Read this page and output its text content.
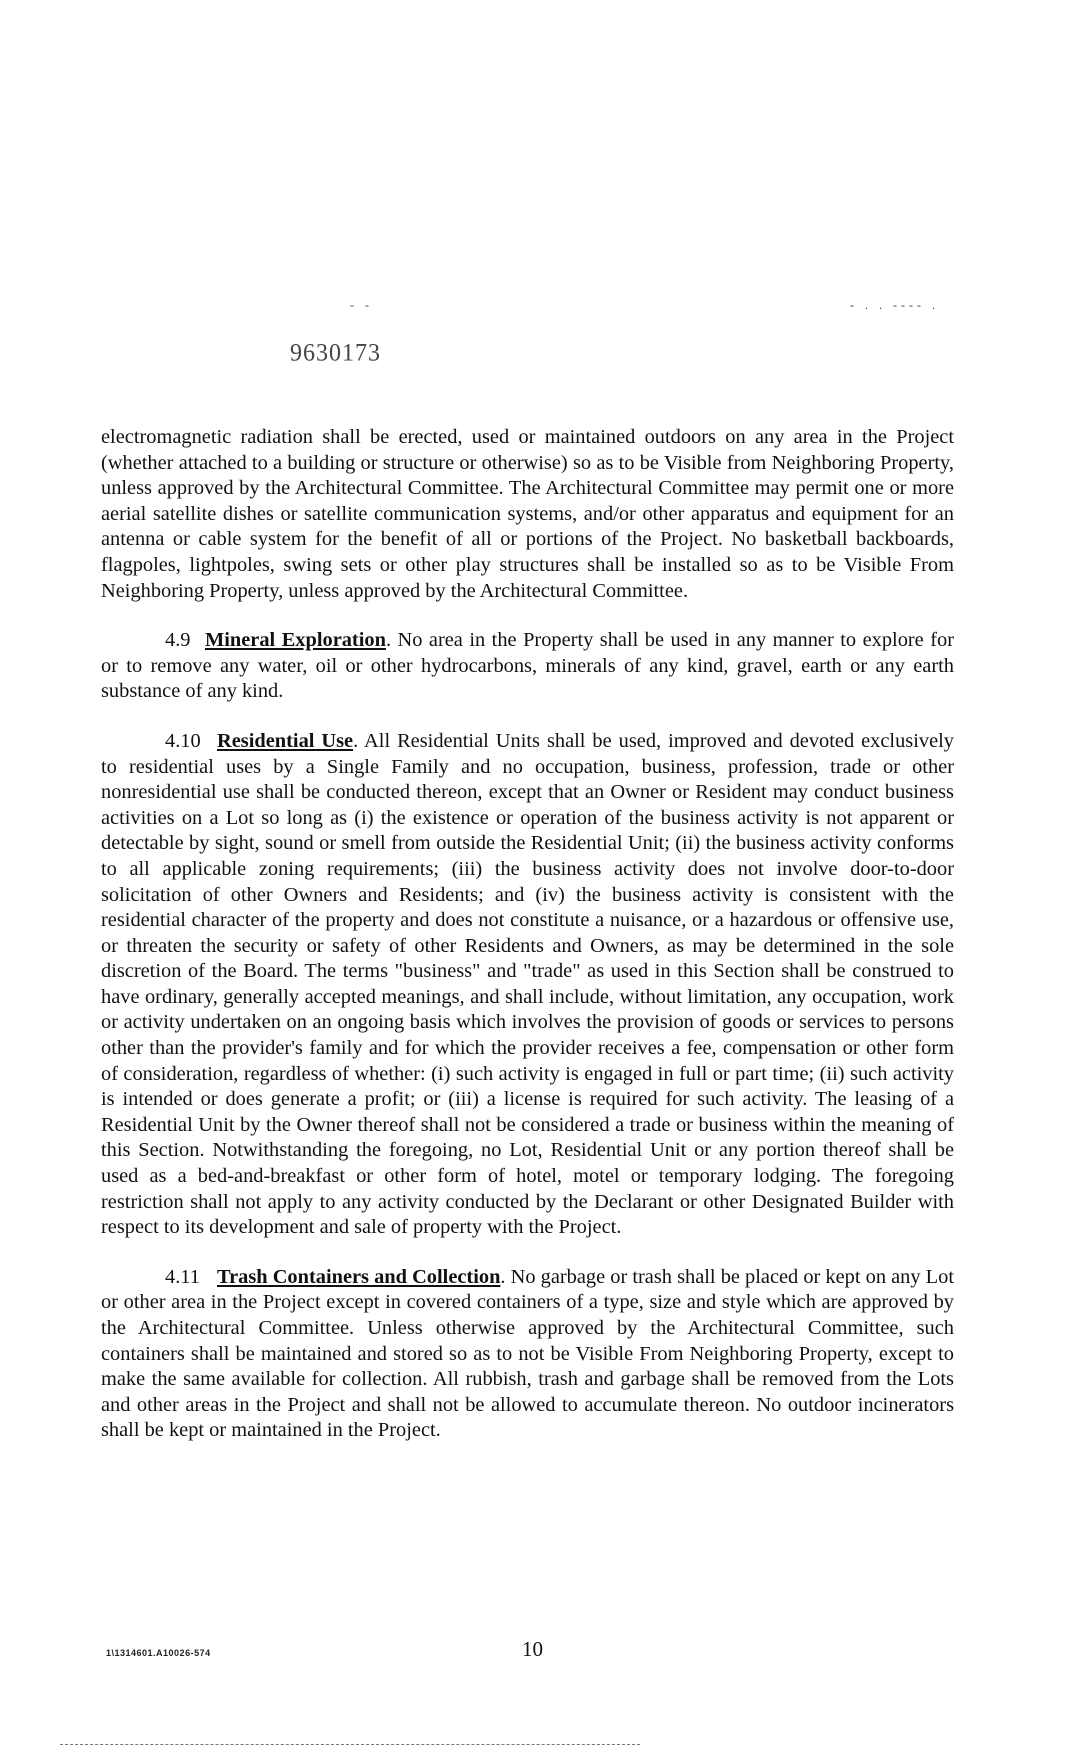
- -	- . . ---- .
9630173

electromagnetic radiation shall be erected, used or maintained outdoors on any area in the Project (whether attached to a building or structure or otherwise) so as to be Visible from Neighboring Property, unless approved by the Architectural Committee. The Architectural Committee may permit one or more aerial satellite dishes or satellite communication systems, and/or other apparatus and equipment for an antenna or cable system for the benefit of all or portions of the Project. No basketball backboards, flagpoles, lightpoles, swing sets or other play structures shall be installed so as to be Visible From Neighboring Property, unless approved by the Architectural Committee.

4.9 Mineral Exploration. No area in the Property shall be used in any manner to explore for or to remove any water, oil or other hydrocarbons, minerals of any kind, gravel, earth or any earth substance of any kind.

4.10 Residential Use. All Residential Units shall be used, improved and devoted exclusively to residential uses by a Single Family and no occupation, business, profession, trade or other nonresidential use shall be conducted thereon, except that an Owner or Resident may conduct business activities on a Lot so long as (i) the existence or operation of the business activity is not apparent or detectable by sight, sound or smell from outside the Residential Unit; (ii) the business activity conforms to all applicable zoning requirements; (iii) the business activity does not involve door-to-door solicitation of other Owners and Residents; and (iv) the business activity is consistent with the residential character of the property and does not constitute a nuisance, or a hazardous or offensive use, or threaten the security or safety of other Residents and Owners, as may be determined in the sole discretion of the Board. The terms "business" and "trade" as used in this Section shall be construed to have ordinary, generally accepted meanings, and shall include, without limitation, any occupation, work or activity undertaken on an ongoing basis which involves the provision of goods or services to persons other than the provider's family and for which the provider receives a fee, compensation or other form of consideration, regardless of whether: (i) such activity is engaged in full or part time; (ii) such activity is intended or does generate a profit; or (iii) a license is required for such activity. The leasing of a Residential Unit by the Owner thereof shall not be considered a trade or business within the meaning of this Section. Notwithstanding the foregoing, no Lot, Residential Unit or any portion thereof shall be used as a bed-and-breakfast or other form of hotel, motel or temporary lodging. The foregoing restriction shall not apply to any activity conducted by the Declarant or other Designated Builder with respect to its development and sale of property with the Project.

4.11 Trash Containers and Collection. No garbage or trash shall be placed or kept on any Lot or other area in the Project except in covered containers of a type, size and style which are approved by the Architectural Committee. Unless otherwise approved by the Architectural Committee, such containers shall be maintained and stored so as to not be Visible From Neighboring Property, except to make the same available for collection. All rubbish, trash and garbage shall be removed from the Lots and other areas in the Project and shall not be allowed to accumulate thereon. No outdoor incinerators shall be kept or maintained in the Project.

1\1314601.A10026-574	10
